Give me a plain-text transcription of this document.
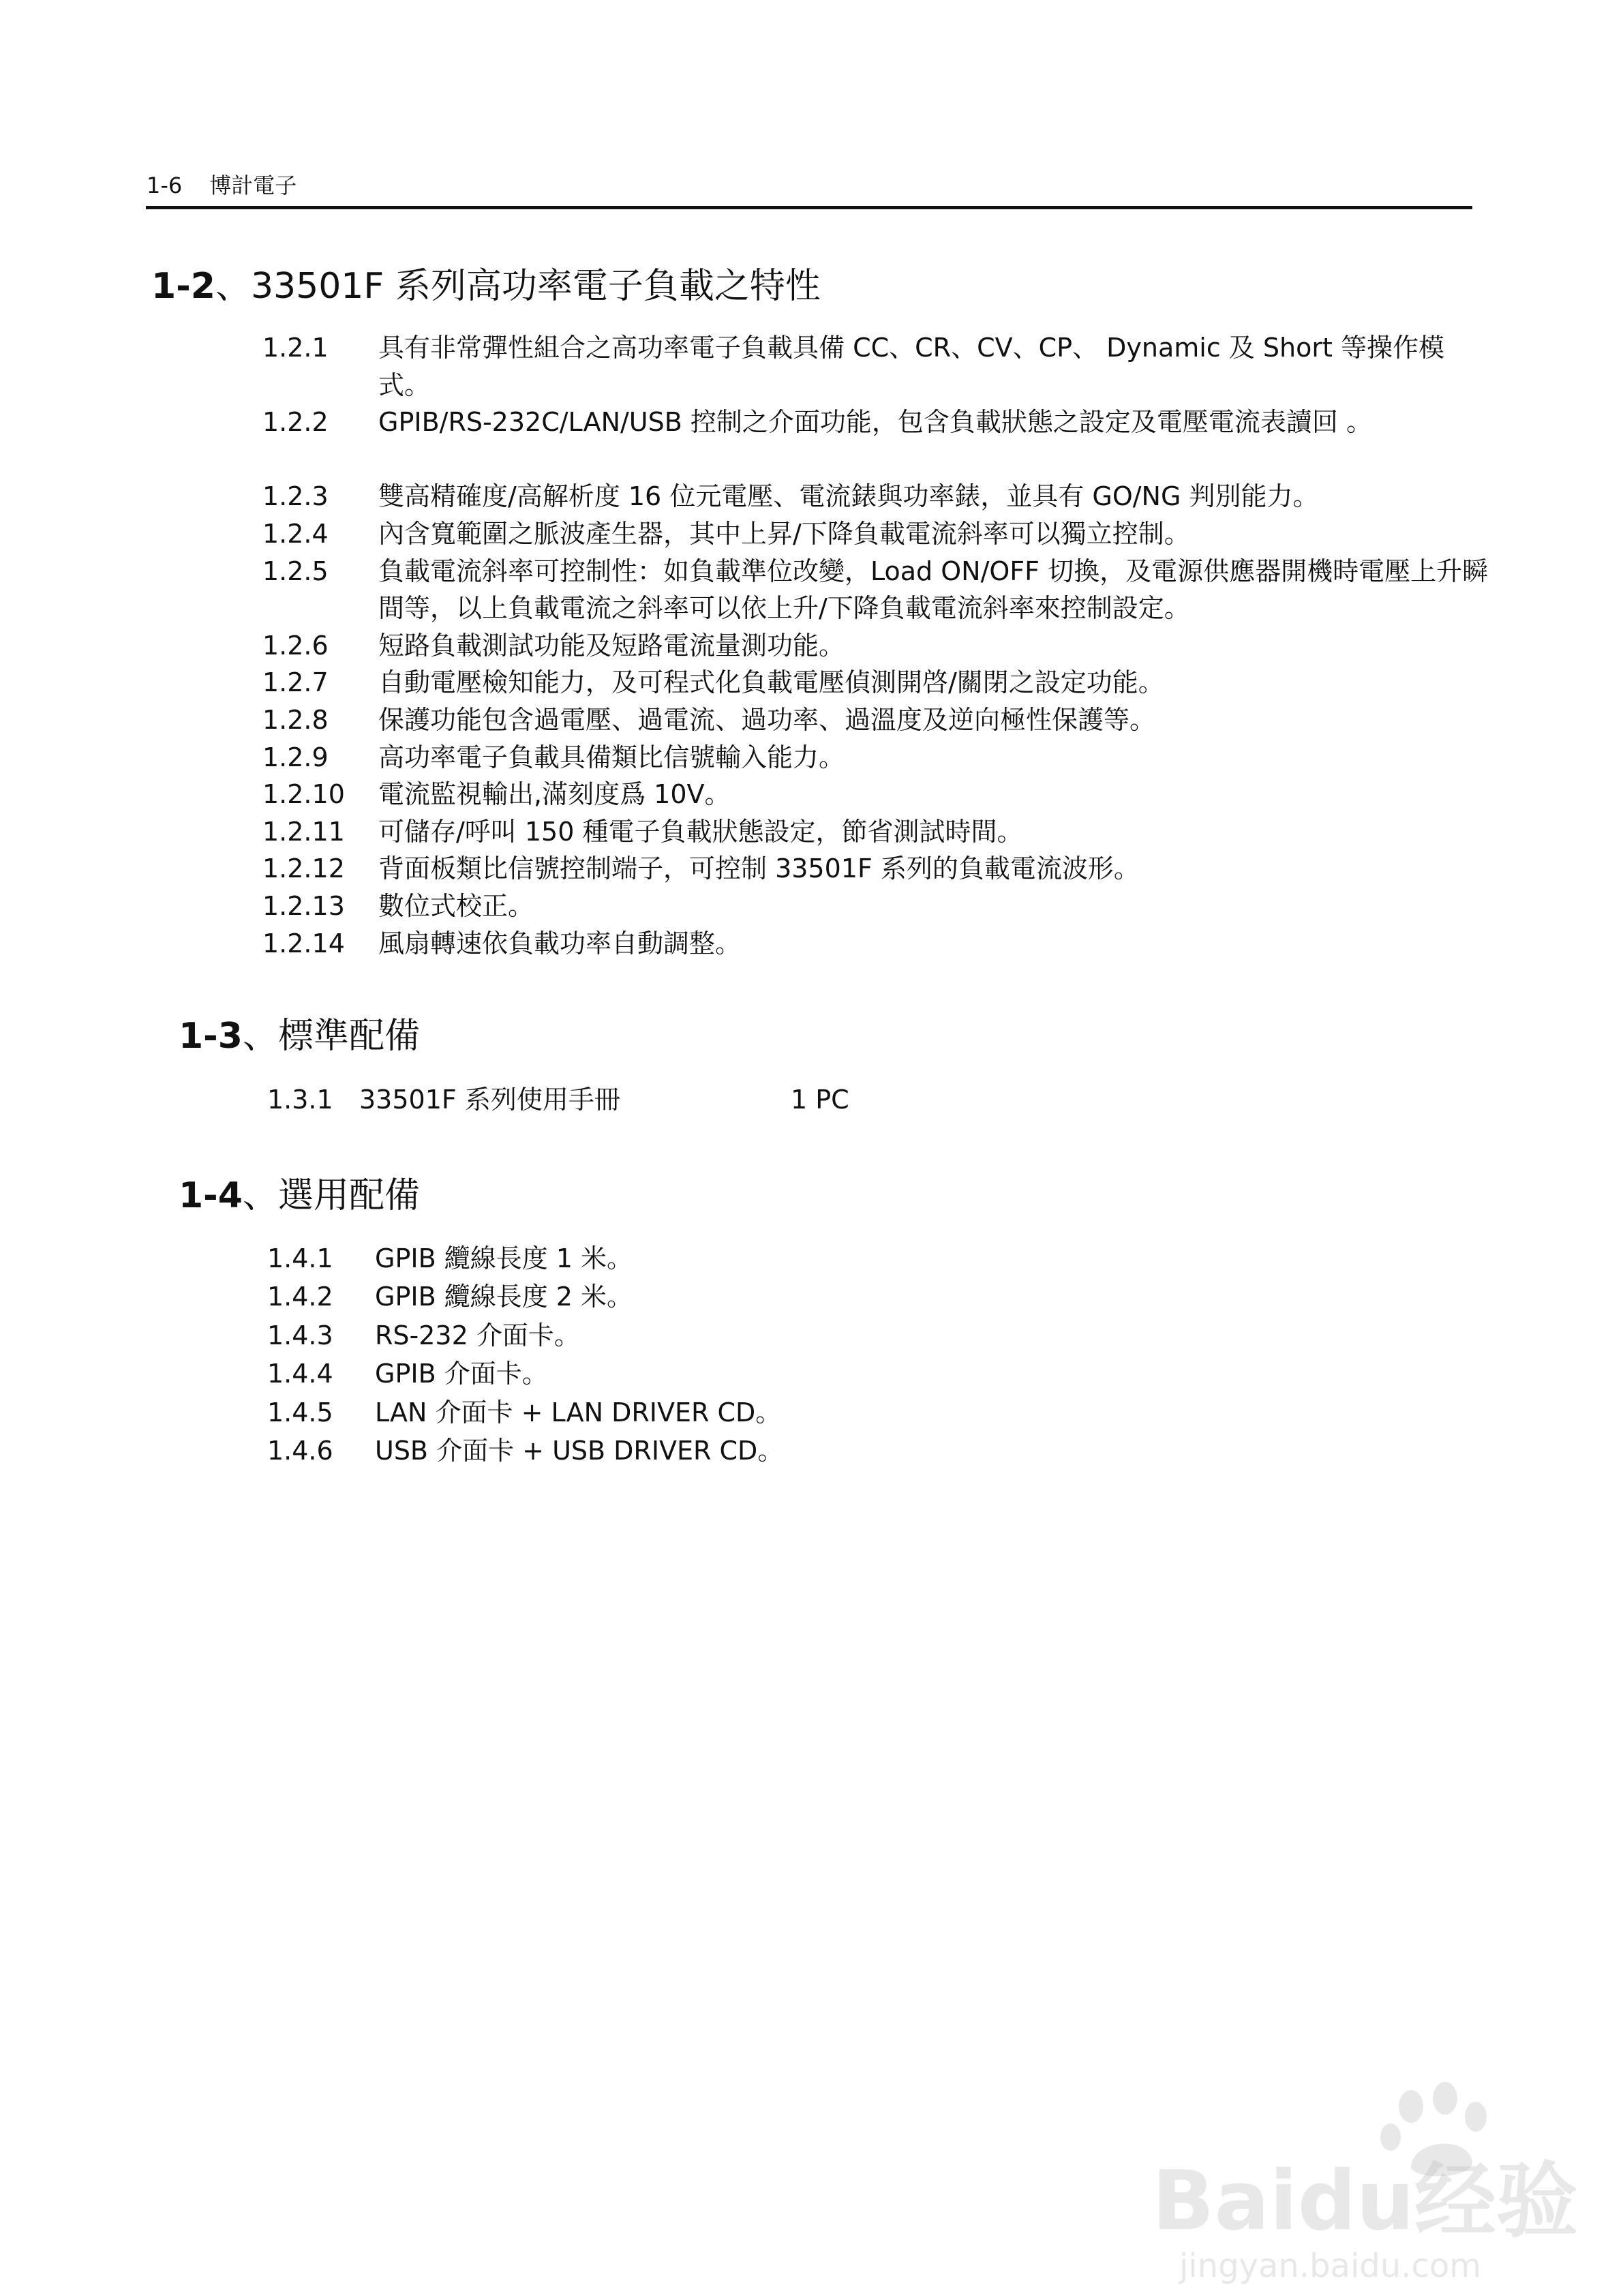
1-6 博計電子
1-2、33501F 系列高功率電子負載之特性
1.2.1 具有非常彈性組合之高功率電子負載具備 CC、CR、CV、CP、 Dynamic 及 Short 等操作模式。
1.2.2 GPIB/RS-232C/LAN/USB 控制之介面功能，包含負載狀態之設定及電壓電流表讀回 。
1.2.3 雙高精確度/高解析度 16 位元電壓、電流錶與功率錶，並具有 GO/NG 判別能力。
1.2.4 內含寬範圍之脈波產生器，其中上昇/下降負載電流斜率可以獨立控制。
1.2.5 負載電流斜率可控制性：如負載準位改變，Load ON/OFF 切換，及電源供應器開機時電壓上升瞬間等，以上負載電流之斜率可以依上升/下降負載電流斜率來控制設定。
1.2.6 短路負載測試功能及短路電流量測功能。
1.2.7 自動電壓檢知能力，及可程式化負載電壓偵測開啓/關閉之設定功能。
1.2.8 保護功能包含過電壓、過電流、過功率、過溫度及逆向極性保護等。
1.2.9 高功率電子負載具備類比信號輸入能力。
1.2.10 電流監視輸出,滿刻度爲 10V。
1.2.11 可儲存/呼叫 150 種電子負載狀態設定，節省測試時間。
1.2.12 背面板類比信號控制端子，可控制 33501F 系列的負載電流波形。
1.2.13 數位式校正。
1.2.14 風扇轉速依負載功率自動調整。
1-3、標準配備
1.3.1 33501F 系列使用手冊	1 PC
1-4、選用配備
1.4.1 GPIB 纜線長度 1 米。
1.4.2 GPIB 纜線長度 2 米。
1.4.3 RS-232 介面卡。
1.4.4 GPIB 介面卡。
1.4.5 LAN 介面卡 + LAN DRIVER CD。
1.4.6 USB 介面卡 + USB DRIVER CD。
Baidu经验
jingyan.baidu.com
